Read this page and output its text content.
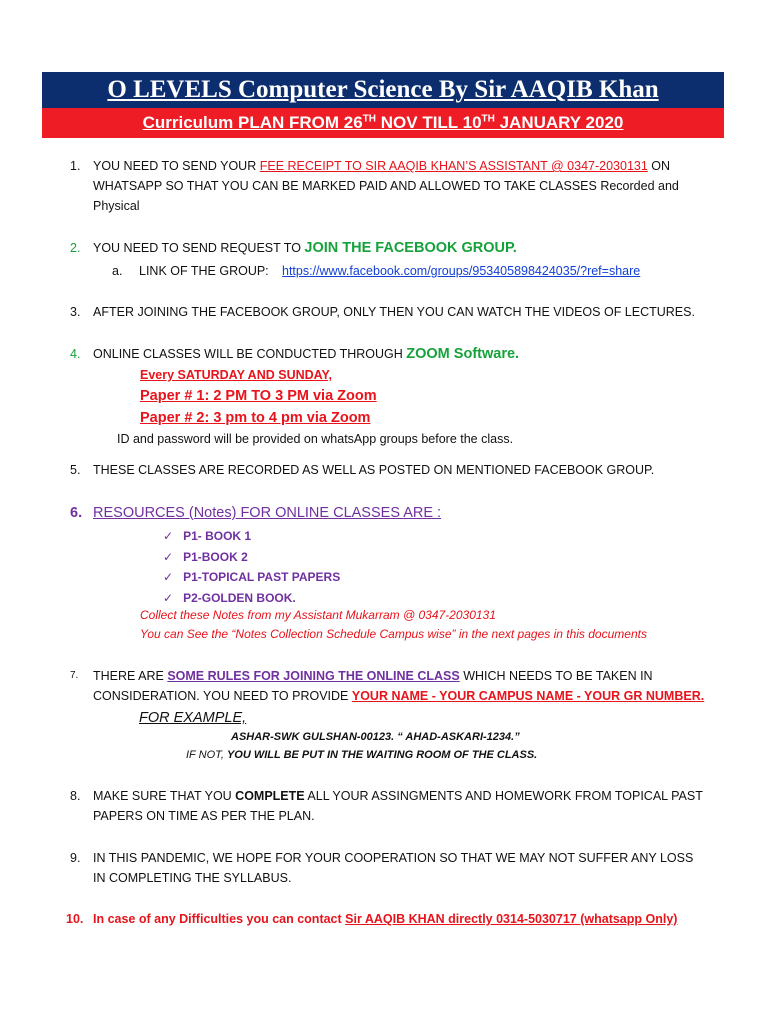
O LEVELS Computer Science By Sir AAQIB Khan
Curriculum PLAN FROM 26TH NOV TILL 10TH JANUARY 2020
1.	YOU NEED TO SEND YOUR FEE RECEIPT TO SIR AAQIB KHAN’S ASSISTANT @ 0347-2030131 ON
WHATSAPP SO THAT YOU CAN BE MARKED PAID AND ALLOWED TO TAKE CLASSES Recorded and
Physical
2.	YOU NEED TO SEND REQUEST TO JOIN THE FACEBOOK GROUP.
a. LINK OF THE GROUP: https://www.facebook.com/groups/953405898424035/?ref=share
3.	AFTER JOINING THE FACEBOOK GROUP, ONLY THEN YOU CAN WATCH THE VIDEOS OF LECTURES.
4.	ONLINE CLASSES WILL BE CONDUCTED THROUGH ZOOM Software.
Every SATURDAY AND SUNDAY,
Paper # 1: 2 PM TO 3 PM via Zoom
Paper # 2: 3 pm to 4 pm via Zoom
ID and password will be provided on whatsApp groups before the class.
5.	THESE CLASSES ARE RECORDED AS WELL AS POSTED ON MENTIONED FACEBOOK GROUP.
6. RESOURCES (Notes) FOR ONLINE CLASSES ARE :
✓ P1- BOOK 1
✓ P1-BOOK 2
✓ P1-TOPICAL PAST PAPERS
✓ P2-GOLDEN BOOK.
Collect these Notes from my Assistant Mukarram @ 0347-2030131
You can See the “Notes Collection Schedule Campus wise” in the next pages in this documents
7.	THERE ARE SOME RULES FOR JOINING THE ONLINE CLASS WHICH NEEDS TO BE TAKEN IN
CONSIDERATION. YOU NEED TO PROVIDE YOUR NAME - YOUR CAMPUS NAME - YOUR GR NUMBER.
FOR EXAMPLE,
ASHAR-SWK GULSHAN-00123. “ AHAD-ASKARI-1234.”
IF NOT, YOU WILL BE PUT IN THE WAITING ROOM OF THE CLASS.
8.	MAKE SURE THAT YOU COMPLETE ALL YOUR ASSINGMENTS AND HOMEWORK FROM TOPICAL PAST
PAPERS ON TIME AS PER THE PLAN.
9.	IN THIS PANDEMIC, WE HOPE FOR YOUR COOPERATION SO THAT WE MAY NOT SUFFER ANY LOSS
IN COMPLETING THE SYLLABUS.
10. In case of any Difficulties you can contact Sir AAQIB KHAN directly 0314-5030717 (whatsapp Only)
